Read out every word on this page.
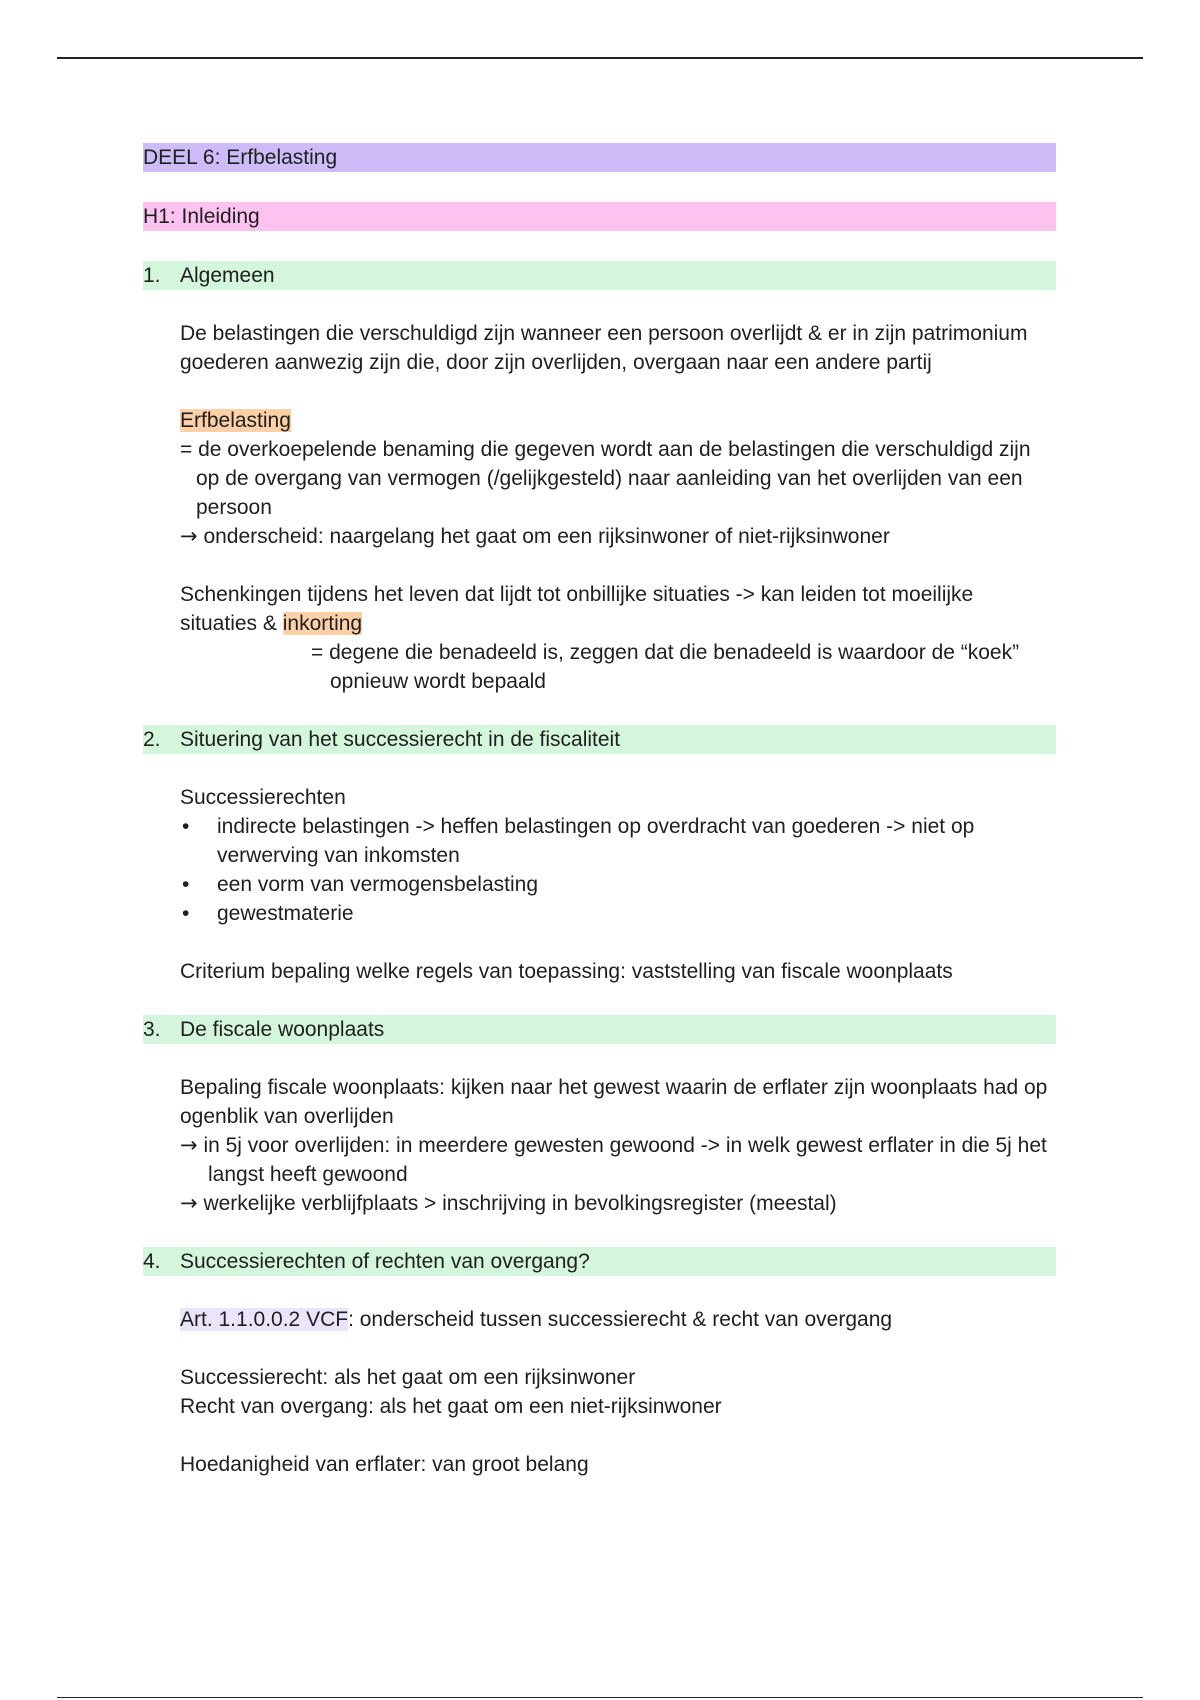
DEEL 6: Erfbelasting
H1: Inleiding
1. Algemeen

De belastingen die verschuldigd zijn wanneer een persoon overlijdt & er in zijn patrimonium goederen aanwezig zijn die, door zijn overlijden, overgaan naar een andere partij

Erfbelasting

= de overkoepelende benaming die gegeven wordt aan de belastingen die verschuldigd zijn op de overgang van vermogen (/gelijkgesteld) naar aanleiding van het overlijden van een persoon

→ onderscheid: naargelang het gaat om een rijksinwoner of niet-rijksinwoner

Schenkingen tijdens het leven dat lijdt tot onbillijke situaties -> kan leiden tot moeilijke situaties & inkorting

= degene die benadeeld is, zeggen dat die benadeeld is waardoor de “koek” opnieuw wordt bepaald

2. Situering van het successierecht in de fiscaliteit

Successierechten

• indirecte belastingen -> heffen belastingen op overdracht van goederen -> niet op verwerving van inkomsten
• een vorm van vermogensbelasting
• gewestmaterie

Criterium bepaling welke regels van toepassing: vaststelling van fiscale woonplaats

3. De fiscale woonplaats

Bepaling fiscale woonplaats: kijken naar het gewest waarin de erflater zijn woonplaats had op ogenblik van overlijden

→ in 5j voor overlijden: in meerdere gewesten gewoond -> in welk gewest erflater in die 5j het langst heeft gewoond

→ werkelijke verblijfplaats > inschrijving in bevolkingsregister (meestal)

4. Successierechten of rechten van overgang?

Art. 1.1.0.0.2 VCF: onderscheid tussen successierecht & recht van overgang

Successierecht: als het gaat om een rijksinwoner

Recht van overgang: als het gaat om een niet-rijksinwoner

Hoedanigheid van erflater: van groot belang
